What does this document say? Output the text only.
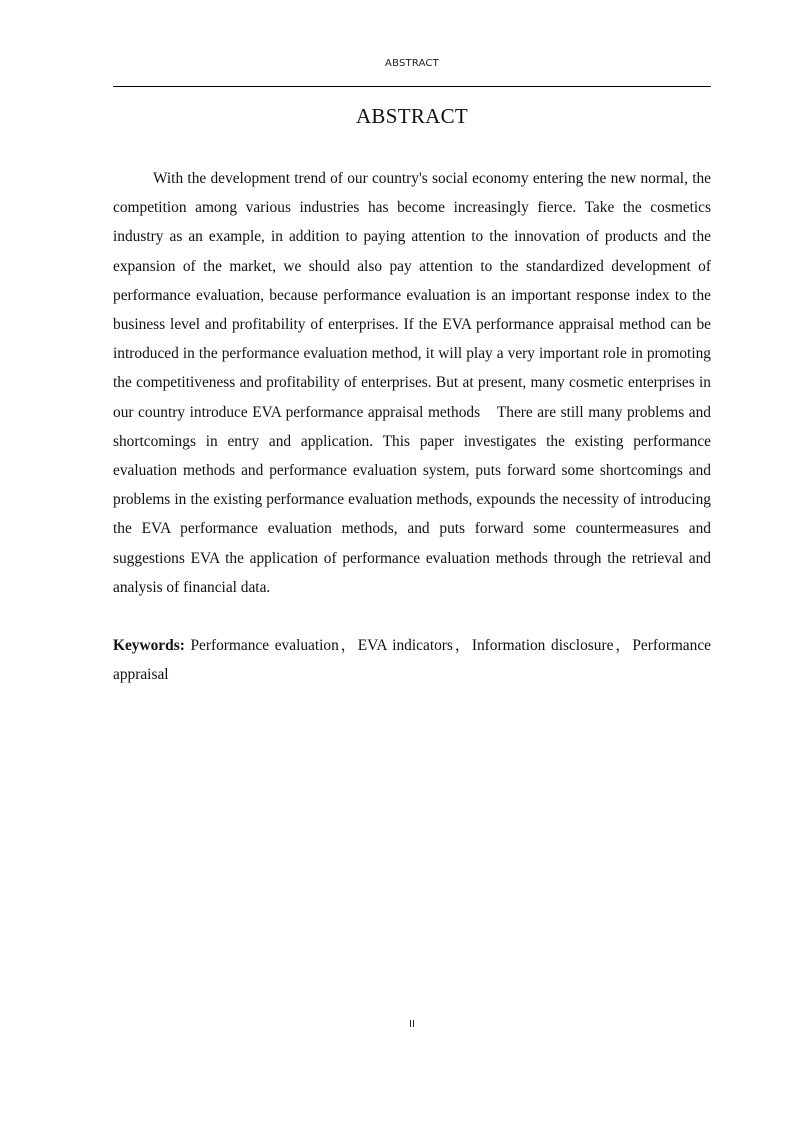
ABSTRACT
ABSTRACT

With the development trend of our country's social economy entering the new normal, the competition among various industries has become increasingly fierce. Take the cosmetics industry as an example, in addition to paying attention to the innovation of products and the expansion of the market, we should also pay attention to the standardized development of performance evaluation, because performance evaluation is an important response index to the business level and profitability of enterprises. If the EVA performance appraisal method can be introduced in the performance evaluation method, it will play a very important role in promoting the competitiveness and profitability of enterprises. But at present, many cosmetic enterprises in our country introduce EVA performance appraisal methods　There are still many problems and shortcomings in entry and application. This paper investigates the existing performance evaluation methods and performance evaluation system, puts forward some shortcomings and problems in the existing performance evaluation methods, expounds the necessity of introducing the EVA performance evaluation methods, and puts forward some countermeasures and suggestions EVA the application of performance evaluation methods through the retrieval and analysis of financial data.

Keywords: Performance evaluation，EVA indicators，Information disclosure，Performance appraisal

II
